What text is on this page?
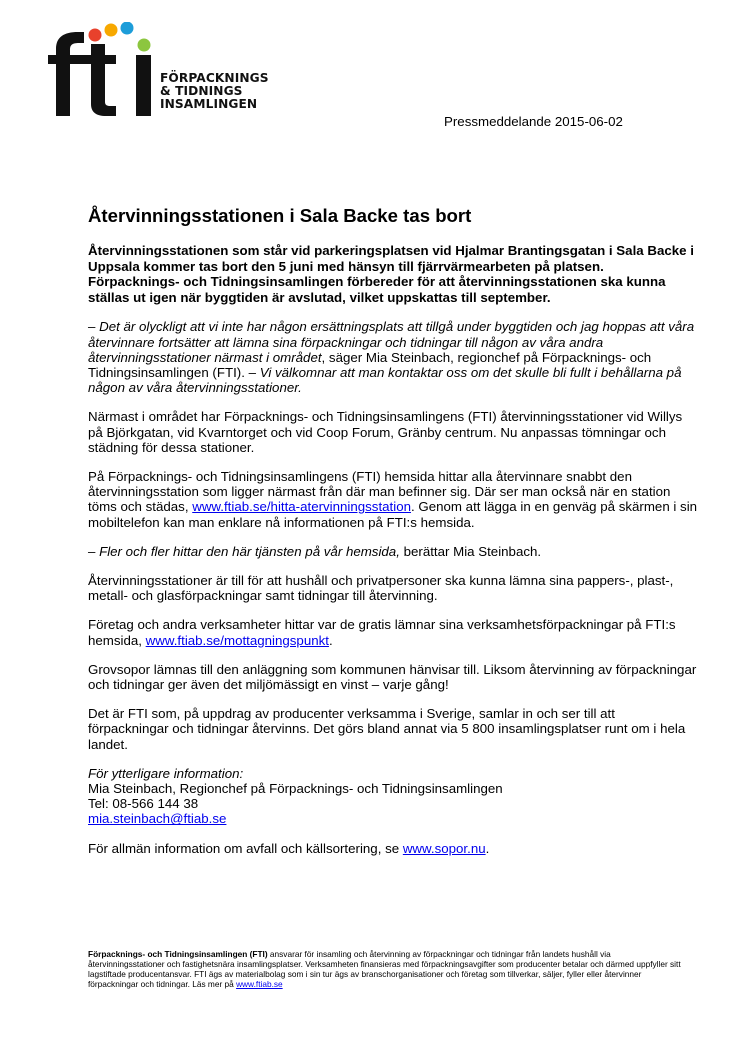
FÖRPACKNINGS
& TIDNINGS
INSAMLINGEN
Pressmeddelande 2015-06-02
Återvinningsstationen i Sala Backe tas bort

Återvinningsstationen som står vid parkeringsplatsen vid Hjalmar Brantingsgatan i Sala Backe i Uppsala kommer tas bort den 5 juni med hänsyn till fjärrvärmearbeten på platsen. Förpacknings- och Tidningsinsamlingen förbereder för att återvinningsstationen ska kunna ställas ut igen när byggtiden är avslutad, vilket uppskattas till september.

– Det är olyckligt att vi inte har någon ersättningsplats att tillgå under byggtiden och jag hoppas att våra återvinnare fortsätter att lämna sina förpackningar och tidningar till någon av våra andra återvinningsstationer närmast i området, säger Mia Steinbach, regionchef på Förpacknings- och Tidningsinsamlingen (FTI). – Vi välkomnar att man kontaktar oss om det skulle bli fullt i behållarna på någon av våra återvinningsstationer.

Närmast i området har Förpacknings- och Tidningsinsamlingens (FTI) återvinningsstationer vid Willys på Björkgatan, vid Kvarntorget och vid Coop Forum, Gränby centrum. Nu anpassas tömningar och städning för dessa stationer.

På Förpacknings- och Tidningsinsamlingens (FTI) hemsida hittar alla återvinnare snabbt den återvinningsstation som ligger närmast från där man befinner sig. Där ser man också när en station töms och städas, www.ftiab.se/hitta-atervinningsstation. Genom att lägga in en genväg på skärmen i sin mobiltelefon kan man enklare nå informationen på FTI:s hemsida.

– Fler och fler hittar den här tjänsten på vår hemsida, berättar Mia Steinbach.

Återvinningsstationer är till för att hushåll och privatpersoner ska kunna lämna sina pappers-, plast-, metall- och glasförpackningar samt tidningar till återvinning.

Företag och andra verksamheter hittar var de gratis lämnar sina verksamhetsförpackningar på FTI:s hemsida, www.ftiab.se/mottagningspunkt.

Grovsopor lämnas till den anläggning som kommunen hänvisar till. Liksom återvinning av förpackningar och tidningar ger även det miljömässigt en vinst – varje gång!

Det är FTI som, på uppdrag av producenter verksamma i Sverige, samlar in och ser till att förpackningar och tidningar återvinns. Det görs bland annat via 5 800 insamlingsplatser runt om i hela landet.

För ytterligare information:
Mia Steinbach, Regionchef på Förpacknings- och Tidningsinsamlingen
Tel: 08-566 144 38
mia.steinbach@ftiab.se

För allmän information om avfall och källsortering, se www.sopor.nu.

Förpacknings- och Tidningsinsamlingen (FTI) ansvarar för insamling och återvinning av förpackningar och tidningar från landets hushåll via återvinningsstationer och fastighetsnära insamlingsplatser. Verksamheten finansieras med förpackningsavgifter som producenter betalar och därmed uppfyller sitt lagstiftade producentansvar. FTI ägs av materialbolag som i sin tur ägs av branschorganisationer och företag som tillverkar, säljer, fyller eller återvinner förpackningar och tidningar. Läs mer på www.ftiab.se
